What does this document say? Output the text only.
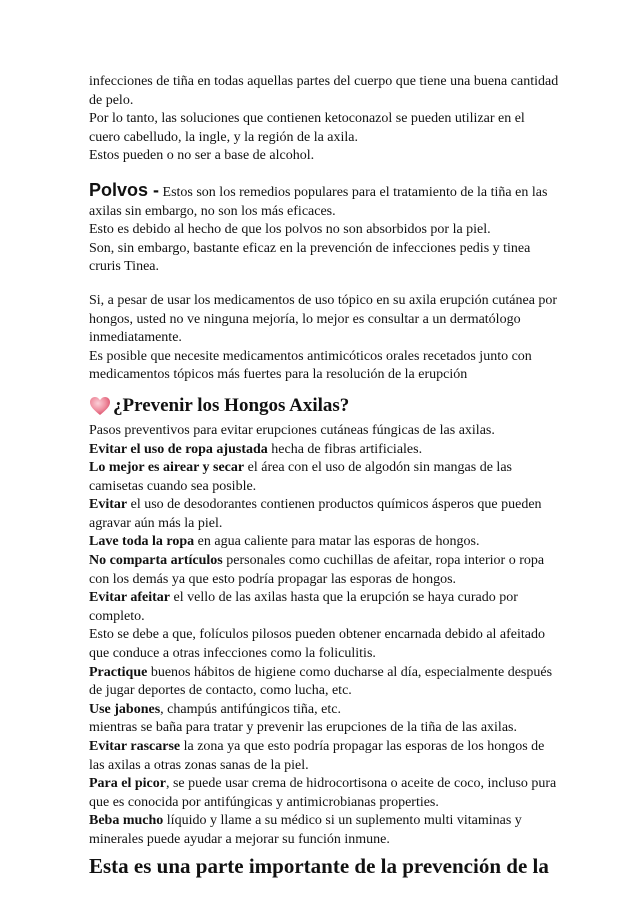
infecciones de tiña en todas aquellas partes del cuerpo que tiene una buena cantidad de pelo.

Por lo tanto, las soluciones que contienen ketoconazol se pueden utilizar en el cuero cabelludo, la ingle, y la región de la axila.

Estos pueden o no ser a base de alcohol.

Polvos - Estos son los remedios populares para el tratamiento de la tiña en las axilas sin embargo, no son los más eficaces.

Esto es debido al hecho de que los polvos no son absorbidos por la piel.

Son, sin embargo, bastante eficaz en la prevención de infecciones pedis y tinea cruris Tinea.

Si, a pesar de usar los medicamentos de uso tópico en su axila erupción cutánea por hongos, usted no ve ninguna mejoría, lo mejor es consultar a un dermatólogo inmediatamente.

Es posible que necesite medicamentos antimicóticos orales recetados junto con medicamentos tópicos más fuertes para la resolución de la erupción

¿Prevenir los Hongos Axilas?

Pasos preventivos para evitar erupciones cutáneas fúngicas de las axilas.

Evitar el uso de ropa ajustada hecha de fibras artificiales.

Lo mejor es airear y secar el área con el uso de algodón sin mangas de las camisetas cuando sea posible.

Evitar el uso de desodorantes contienen productos químicos ásperos que pueden agravar aún más la piel.

Lave toda la ropa en agua caliente para matar las esporas de hongos.

No comparta artículos personales como cuchillas de afeitar, ropa interior o ropa con los demás ya que esto podría propagar las esporas de hongos.

Evitar afeitar el vello de las axilas hasta que la erupción se haya curado por completo.

Esto se debe a que, folículos pilosos pueden obtener encarnada debido al afeitado que conduce a otras infecciones como la foliculitis.

Practique buenos hábitos de higiene como ducharse al día, especialmente después de jugar deportes de contacto, como lucha, etc.

Use jabones, champús antifúngicos tiña, etc.

mientras se baña para tratar y prevenir las erupciones de la tiña de las axilas.

Evitar rascarse la zona ya que esto podría propagar las esporas de los hongos de las axilas a otras zonas sanas de la piel.

Para el picor, se puede usar crema de hidrocortisona o aceite de coco, incluso pura que es conocida por antifúngicas y antimicrobianas properties.

Beba mucho líquido y llame a su médico si un suplemento multi vitaminas y minerales puede ayudar a mejorar su función inmune.

Esta es una parte importante de la prevención de la
